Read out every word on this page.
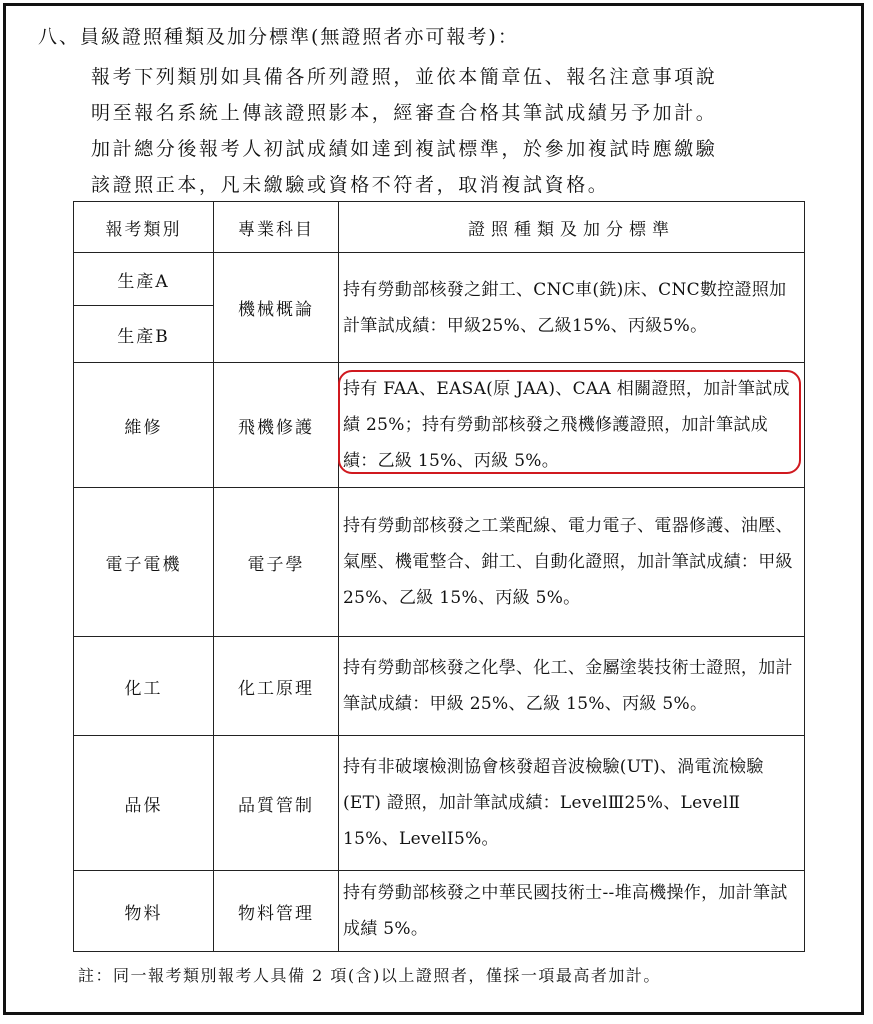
八、員級證照種類及加分標準(無證照者亦可報考)：
報考下列類別如具備各所列證照，並依本簡章伍、報名注意事項說
明至報名系統上傳該證照影本，經審查合格其筆試成績另予加計。
加計總分後報考人初試成績如達到複試標準，於參加複試時應繳驗
該證照正本，凡未繳驗或資格不符者，取消複試資格。
報考類別	專業科目	證照種類及加分標準
生產A	機械概論	持有勞動部核發之鉗工、CNC車(銑)床、CNC數控證照加計筆試成績：甲級25%、乙級15%、丙級5%。
生產B		
維修	飛機修護	持有 FAA、EASA(原 JAA)、CAA 相關證照，加計筆試成績 25%；持有勞動部核發之飛機修護證照，加計筆試成績：乙級 15%、丙級 5%。
電子電機	電子學	持有勞動部核發之工業配線、電力電子、電器修護、油壓、氣壓、機電整合、鉗工、自動化證照，加計筆試成績：甲級 25%、乙級 15%、丙級 5%。
化工	化工原理	持有勞動部核發之化學、化工、金屬塗裝技術士證照，加計筆試成績：甲級 25%、乙級 15%、丙級 5%。
品保	品質管制	持有非破壞檢測協會核發超音波檢驗(UT)、渦電流檢驗(ET) 證照，加計筆試成績：LevelⅢ25%、LevelⅡ 15%、LevelⅠ5%。
物料	物料管理	持有勞動部核發之中華民國技術士--堆高機操作，加計筆試成績 5%。
註：同一報考類別報考人具備 2 項(含)以上證照者，僅採一項最高者加計。
